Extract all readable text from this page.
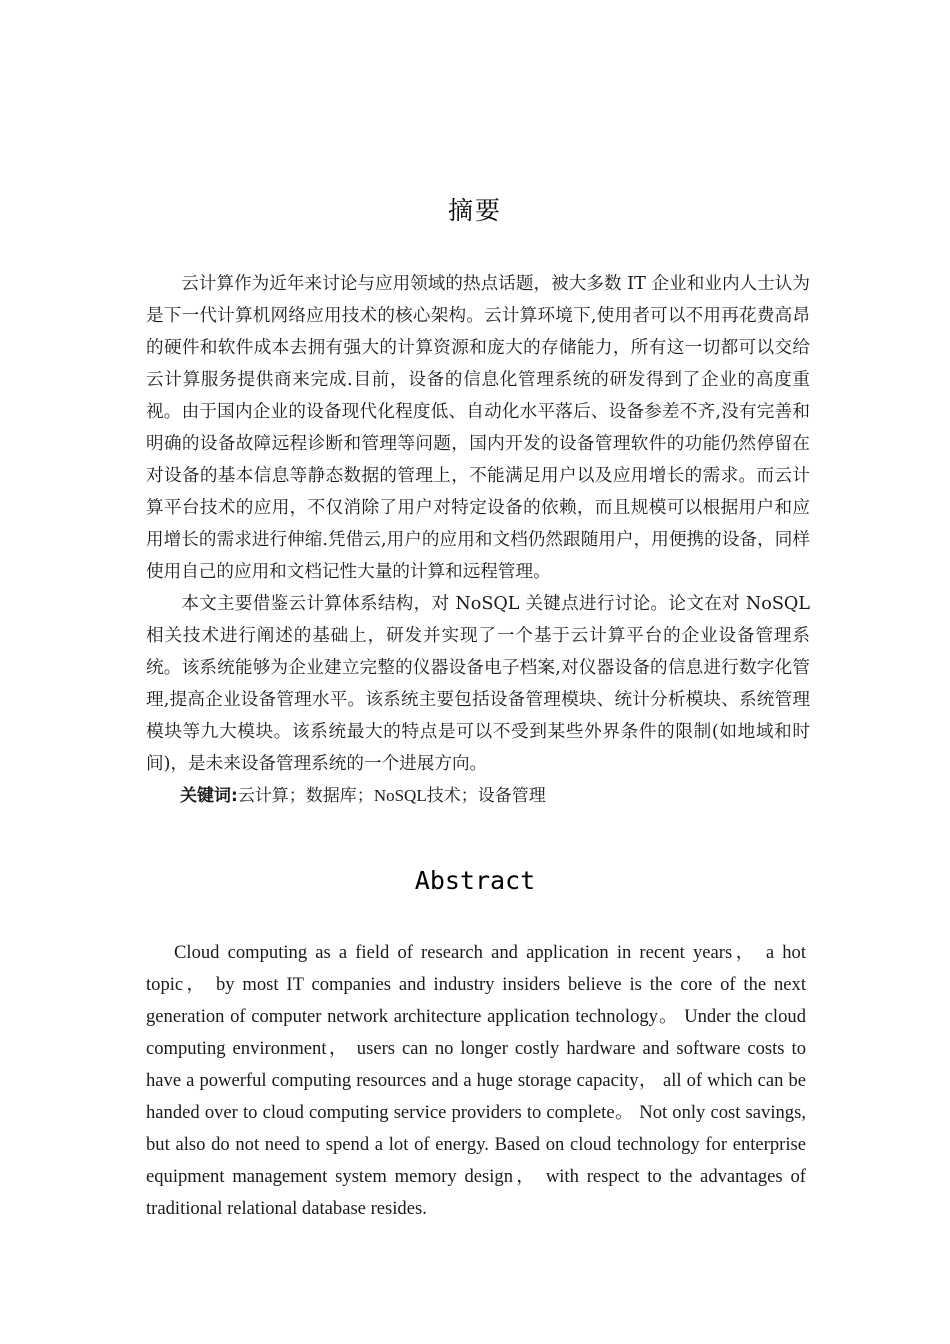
摘要

云计算作为近年来讨论与应用领域的热点话题，被大多数 IT 企业和业内人士认为是下一代计算机网络应用技术的核心架构。云计算环境下,使用者可以不用再花费高昂的硬件和软件成本去拥有强大的计算资源和庞大的存储能力，所有这一切都可以交给云计算服务提供商来完成.目前，设备的信息化管理系统的研发得到了企业的高度重视。由于国内企业的设备现代化程度低、自动化水平落后、设备参差不齐,没有完善和明确的设备故障远程诊断和管理等问题，国内开发的设备管理软件的功能仍然停留在对设备的基本信息等静态数据的管理上，不能满足用户以及应用增长的需求。而云计算平台技术的应用，不仅消除了用户对特定设备的依赖，而且规模可以根据用户和应用增长的需求进行伸缩.凭借云,用户的应用和文档仍然跟随用户，用便携的设备，同样使用自己的应用和文档记性大量的计算和远程管理。

本文主要借鉴云计算体系结构，对 NoSQL 关键点进行讨论。论文在对 NoSQL 相关技术进行阐述的基础上，研发并实现了一个基于云计算平台的企业设备管理系统。该系统能够为企业建立完整的仪器设备电子档案,对仪器设备的信息进行数字化管理,提高企业设备管理水平。该系统主要包括设备管理模块、统计分析模块、系统管理模块等九大模块。该系统最大的特点是可以不受到某些外界条件的限制(如地域和时间)，是未来设备管理系统的一个进展方向。

关键词:云计算；数据库；NoSQL技术；设备管理

Abstract

Cloud computing as a field of research and application in recent years， a hot topic， by most IT companies and industry insiders believe is the core of the next generation of computer network architecture application technology。 Under the cloud computing environment， users can no longer costly hardware and software costs to have a powerful computing resources and a huge storage capacity， all of which can be handed over to cloud computing service providers to complete。 Not only cost savings, but also do not need to spend a lot of energy. Based on cloud technology for enterprise equipment management system memory design， with respect to the advantages of traditional relational database resides.
